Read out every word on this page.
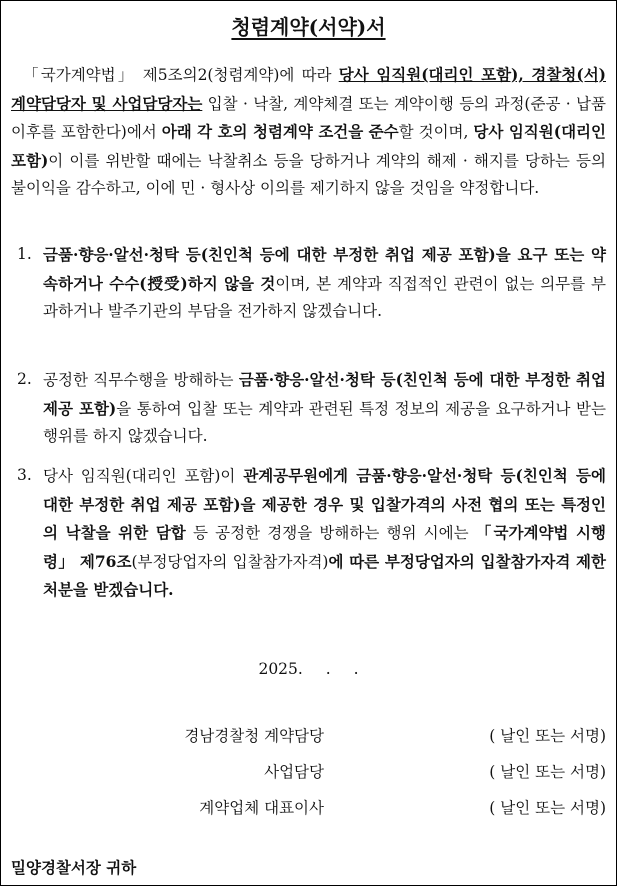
청렴계약(서약)서
「국가계약법」 제5조의2(청렴계약)에 따라 당사 임직원(대리인 포함), 경찰청(서) 계약담당자 및 사업담당자는 입찰 · 낙찰, 계약체결 또는 계약이행 등의 과정(준공 · 납품 이후를 포함한다)에서 아래 각 호의 청렴계약 조건을 준수할 것이며, 당사 임직원(대리인 포함)이 이를 위반할 때에는 낙찰취소 등을 당하거나 계약의 해제 · 해지를 당하는 등의 불이익을 감수하고, 이에 민 · 형사상 이의를 제기하지 않을 것임을 약정합니다.
1. 금품·향응·알선·청탁 등(친인척 등에 대한 부정한 취업 제공 포함)을 요구 또는 약속하거나 수수(授受)하지 않을 것이며, 본 계약과 직접적인 관련이 없는 의무를 부과하거나 발주기관의 부담을 전가하지 않겠습니다.
2. 공정한 직무수행을 방해하는 금품·향응·알선·청탁 등(친인척 등에 대한 부정한 취업 제공 포함)을 통하여 입찰 또는 계약과 관련된 특정 정보의 제공을 요구하거나 받는 행위를 하지 않겠습니다.
3. 당사 임직원(대리인 포함)이 관계공무원에게 금품·향응·알선·청탁 등(친인척 등에 대한 부정한 취업 제공 포함)을 제공한 경우 및 입찰가격의 사전 협의 또는 특정인의 낙찰을 위한 담합 등 공정한 경쟁을 방해하는 행위 시에는 「국가계약법 시행령」 제76조(부정당업자의 입찰참가자격)에 따른 부정당업자의 입찰참가자격 제한 처분을 받겠습니다.
2025. . .
경남경찰청 계약담당	( 날인 또는 서명)
사업담당	( 날인 또는 서명)
계약업체 대표이사	( 날인 또는 서명)
밀양경찰서장 귀하
